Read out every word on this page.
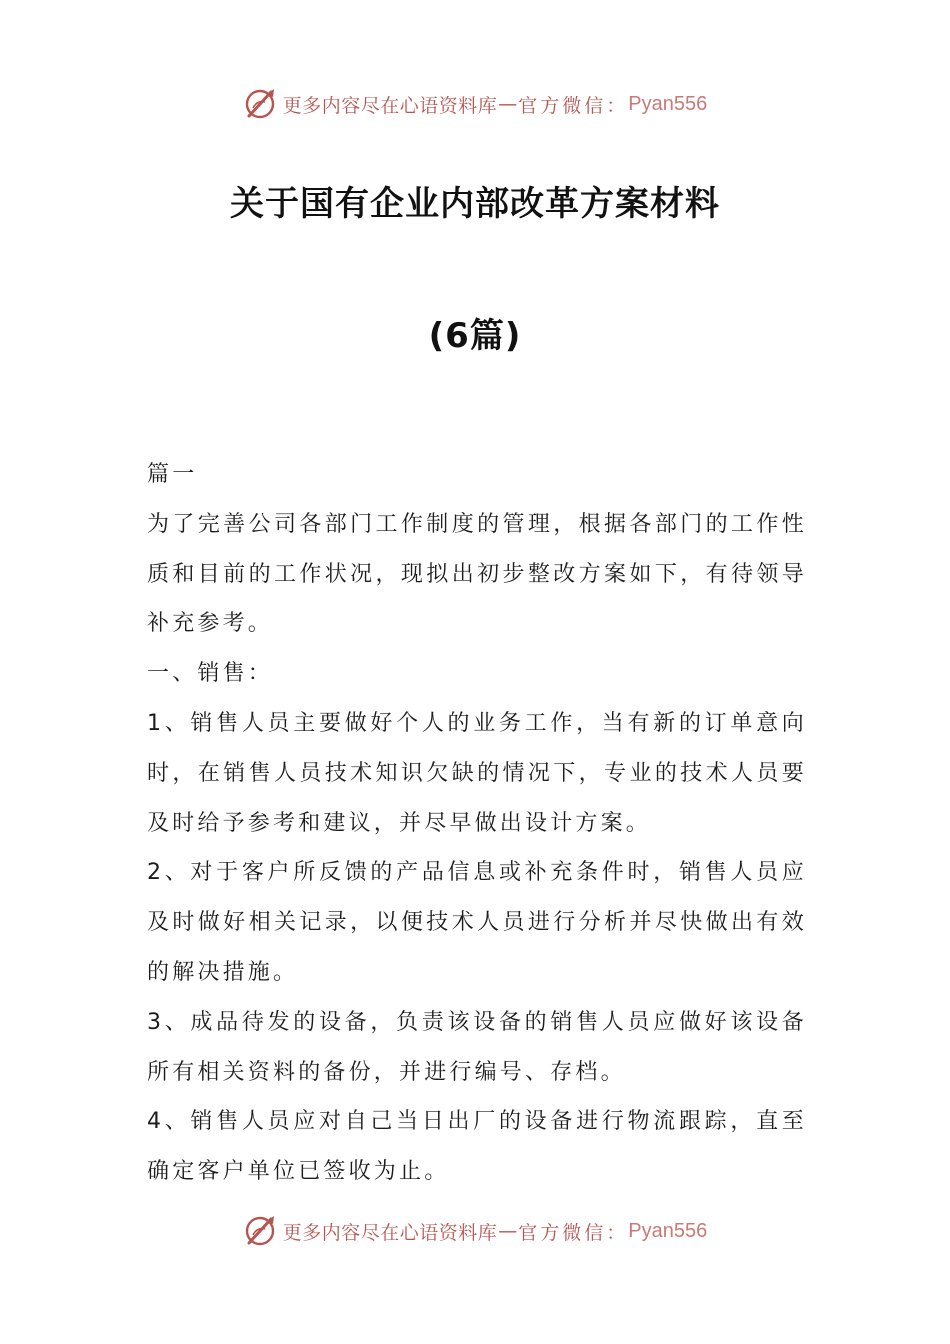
更多内容尽在心语资料库 — 官方微信： Pyan556
关于国有企业内部改革方案材料
(6篇)

篇一

为了完善公司各部门工作制度的管理，根据各部门的工作性质和目前的工作状况，现拟出初步整改方案如下，有待领导补充参考。

一、销售：

1、销售人员主要做好个人的业务工作，当有新的订单意向时，在销售人员技术知识欠缺的情况下，专业的技术人员要及时给予参考和建议，并尽早做出设计方案。

2、对于客户所反馈的产品信息或补充条件时，销售人员应及时做好相关记录，以便技术人员进行分析并尽快做出有效的解决措施。

3、成品待发的设备，负责该设备的销售人员应做好该设备所有相关资料的备份，并进行编号、存档。

4、销售人员应对自己当日出厂的设备进行物流跟踪，直至确定客户单位已签收为止。

更多内容尽在心语资料库 — 官方微信： Pyan556
